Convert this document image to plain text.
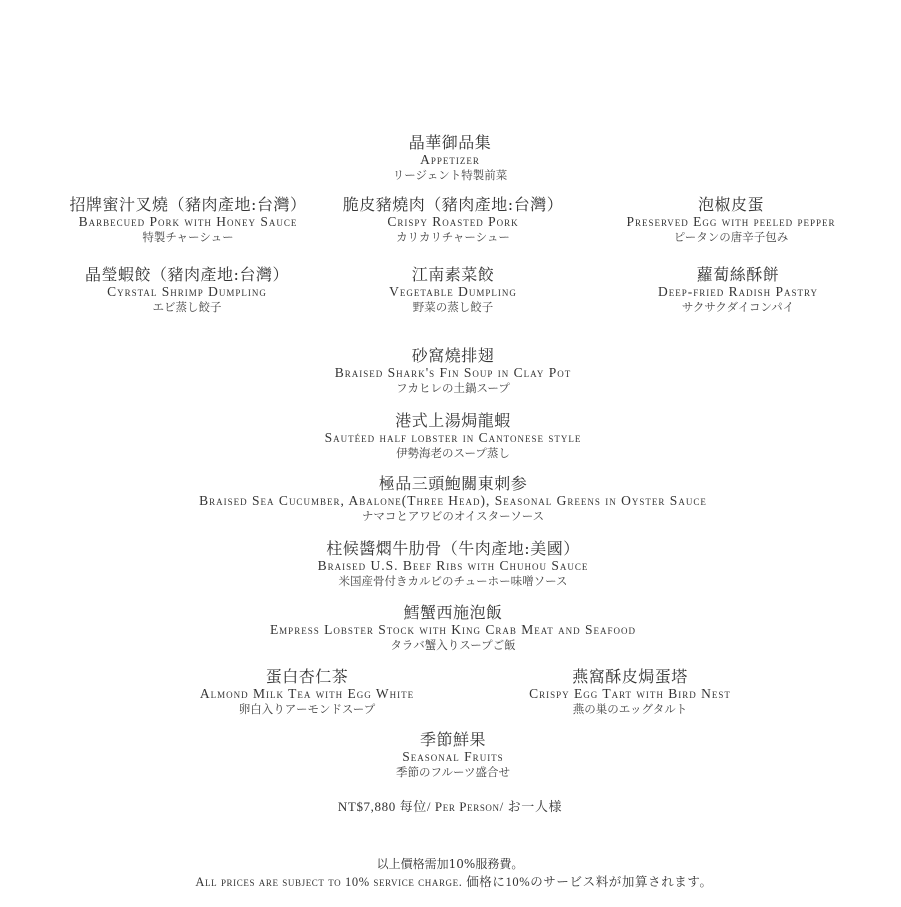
晶華御品集
Appetizer
リージェント特製前菜
招牌蜜汁叉燒（豬肉產地:台灣）
Barbecued Pork with Honey Sauce
特製チャーシュー
脆皮豬燒肉（豬肉產地:台灣）
Crispy Roasted Pork
カリカリチャーシュー
泡椒皮蛋
Preserved Egg with peeled pepper
ピータンの唐辛子包み
晶瑩蝦餃（豬肉產地:台灣）
Cyrstal Shrimp Dumpling
エビ蒸し餃子
江南素菜餃
Vegetable Dumpling
野菜の蒸し餃子
蘿蔔絲酥餅
Deep-fried Radish Pastry
サクサクダイコンパイ
砂窩燒排翅
Braised Shark's Fin Soup in Clay Pot
フカヒレの土鍋スープ
港式上湯焗龍蝦
Sautéed half lobster in Cantonese style
伊勢海老のスープ蒸し
極品三頭鮑關東刺参
Braised Sea Cucumber, Abalone(Three Head), Seasonal Greens in Oyster Sauce
ナマコとアワビのオイスターソース
柱候醬燜牛肋骨（牛肉產地:美國）
Braised U.S. Beef Ribs with Chuhou Sauce
米国産骨付きカルビのチューホー味噌ソース
鱈蟹西施泡飯
Empress Lobster Stock with King Crab Meat and Seafood
タラバ蟹入りスープご飯
蛋白杏仁茶
Almond Milk Tea with Egg White
卵白入りアーモンドスープ
燕窩酥皮焗蛋塔
Crispy Egg Tart with Bird Nest
燕の巣のエッグタルト
季節鮮果
Seasonal Fruits
季節のフルーツ盛合せ
NT$7,880 每位/ Per Person/ お一人様
以上價格需加10%服務費。
All prices are subject to 10% service charge. 価格に10%のサービス料が加算されます。
